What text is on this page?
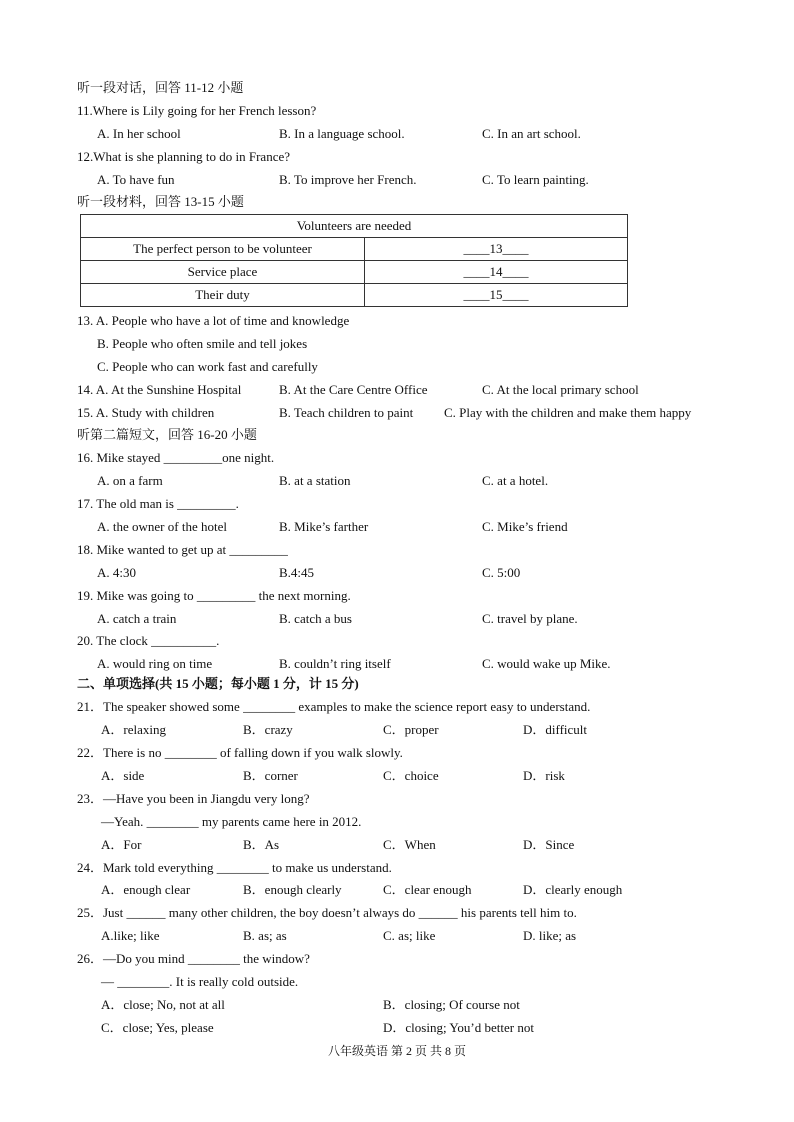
听一段对话，回答 11-12 小题
11.Where is Lily going for her French lesson?
A. In her school	B. In a language school.	C. In an art school.
12.What is she planning to do in France?
A. To have fun	B. To improve her French.	C. To learn painting.
听一段材料，回答 13-15 小题
Volunteers are needed	
The perfect person to be volunteer	____13____
Service place	____14____
Their duty	____15____
13. A. People who have a lot of time and knowledge
B. People who often smile and tell jokes
C. People who can work fast and carefully
14. A. At the Sunshine Hospital	B. At the Care Centre Office	C. At the local primary school
15. A. Study with children	B. Teach children to paint C. Play with the children and make them happy
听第二篇短文，回答 16-20 小题
16. Mike stayed _________one night.
A. on a farm	B. at a station	C. at a hotel.
17. The old man is _________.
A. the owner of the hotel	B. Mike’s farther	C. Mike’s friend
18. Mike wanted to get up at _________
A. 4:30	B.4:45	C. 5:00
19. Mike was going to _________ the next morning.
A. catch a train	B. catch a bus	C. travel by plane.
20. The clock __________.
A. would ring on time	B. couldn’t ring itself	C. would wake up Mike.
二、单项选择(共 15 小题；每小题 1 分，计 15 分)
21．The speaker showed some ________ examples to make the science report easy to understand.
A．relaxing	B．crazy	C．proper	D．difficult
22．There is no ________ of falling down if you walk slowly.
A．side	B．corner	C．choice	D．risk
23．—Have you been in Jiangdu very long?
—Yeah. ________ my parents came here in 2012.
A．For	B．As	C．When	D．Since
24．Mark told everything ________ to make us understand.
A．enough clear	B．enough clearly	C．clear enough	D．clearly enough
25．Just ______ many other children, the boy doesn’t always do ______ his parents tell him to.
A.like; like	B. as; as	C. as; like	D. like; as
26．—Do you mind ________ the window?
— ________. It is really cold outside.
A．close; No, not at all	B．closing; Of course not
C．close; Yes, please	D．closing; You’d better not
八年级英语 第 2 页 共 8 页
